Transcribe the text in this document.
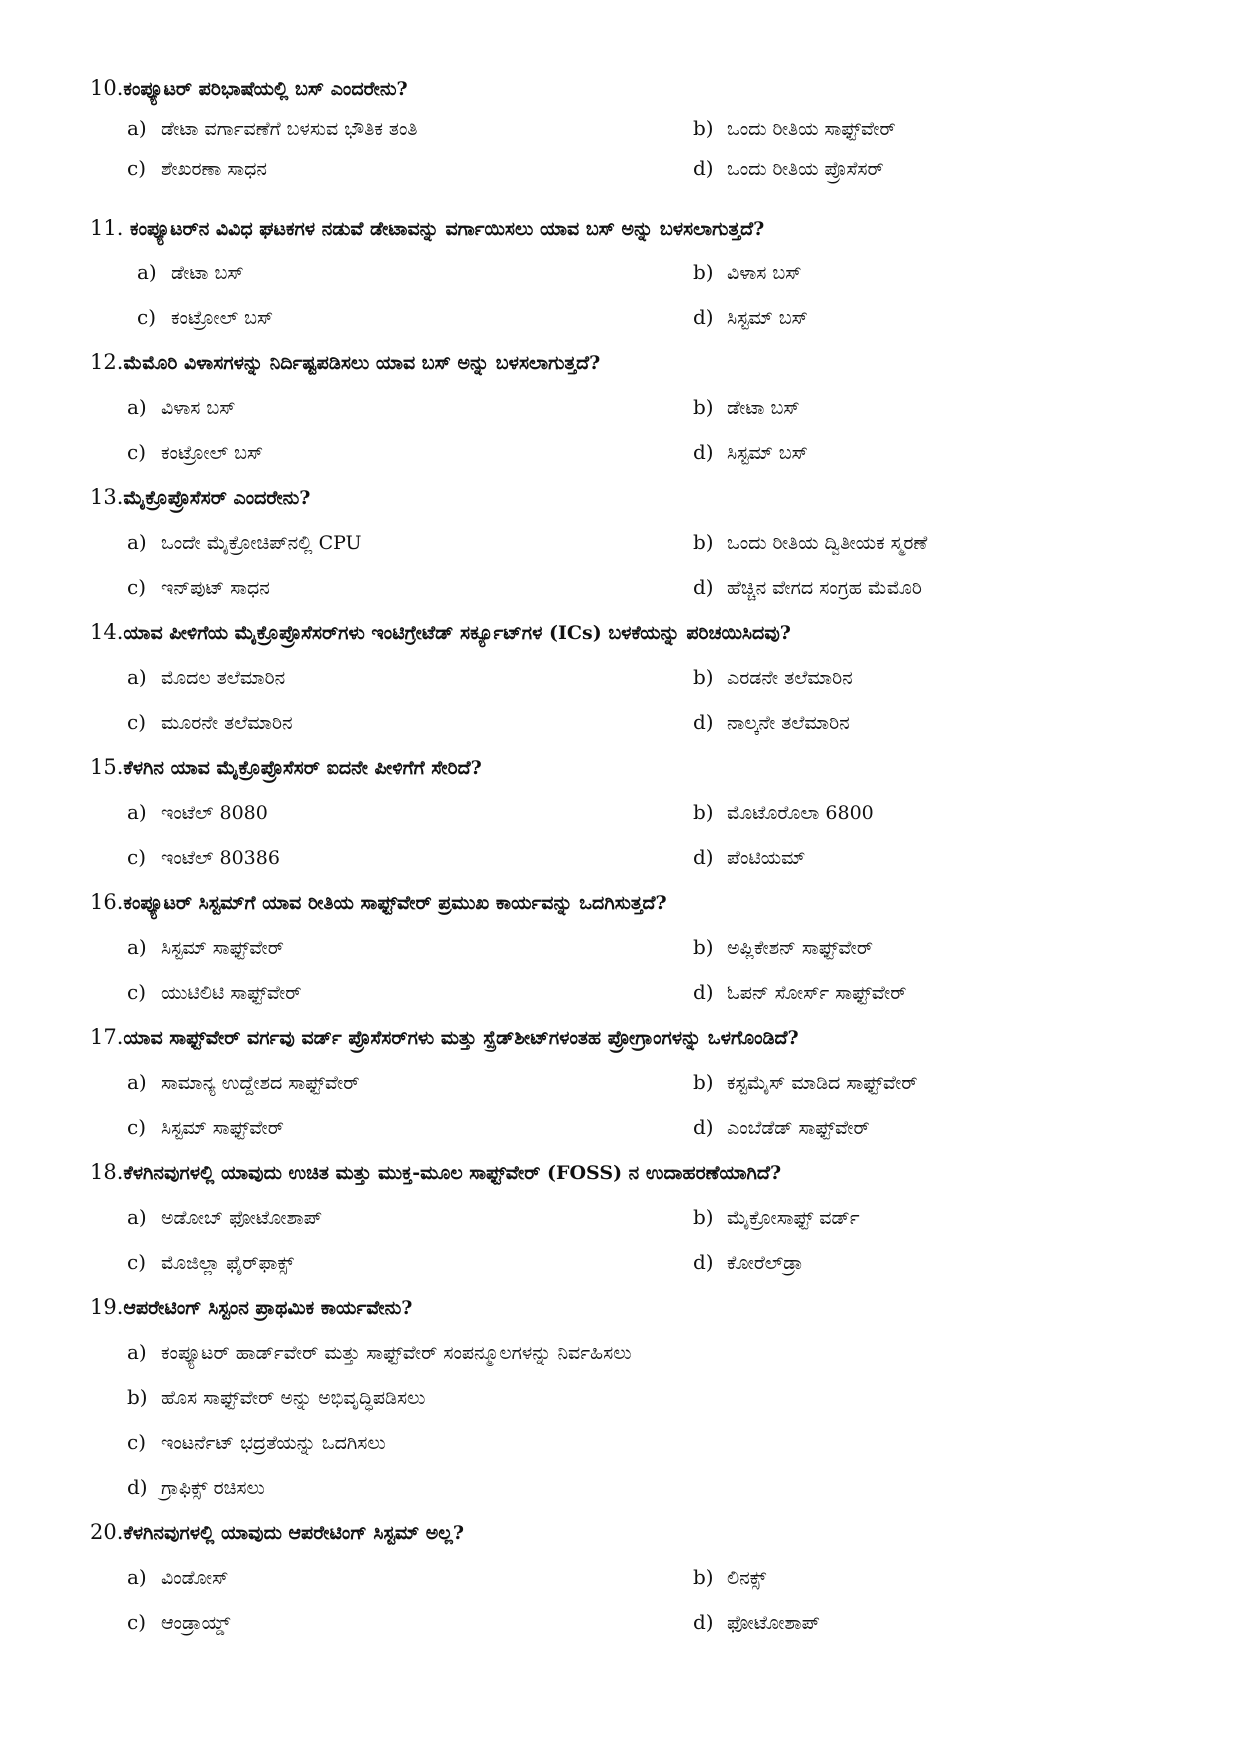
10.ಕಂಪ್ಯೂಟರ್ ಪರಿಭಾಷೆಯಲ್ಲಿ ಬಸ್ ಎಂದರೇನು?
a) ಡೇಟಾ ವರ್ಗಾವಣೆಗೆ ಬಳಸುವ ಭೌತಿಕ ತಂತಿ	b) ಒಂದು ರೀತಿಯ ಸಾಫ್ಟ್‌ವೇರ್
c) ಶೇಖರಣಾ ಸಾಧನ	d) ಒಂದು ರೀತಿಯ ಪ್ರೊಸೆಸರ್
11. ಕಂಪ್ಯೂಟರ್‌ನ ವಿವಿಧ ಘಟಕಗಳ ನಡುವೆ ಡೇಟಾವನ್ನು ವರ್ಗಾಯಿಸಲು ಯಾವ ಬಸ್ ಅನ್ನು ಬಳಸಲಾಗುತ್ತದೆ?
a) ಡೇಟಾ ಬಸ್	b) ವಿಳಾಸ ಬಸ್
c) ಕಂಟ್ರೋಲ್ ಬಸ್	d) ಸಿಸ್ಟಮ್ ಬಸ್
12.ಮೆಮೊರಿ ವಿಳಾಸಗಳನ್ನು ನಿರ್ದಿಷ್ಟಪಡಿಸಲು ಯಾವ ಬಸ್ ಅನ್ನು ಬಳಸಲಾಗುತ್ತದೆ?
a) ವಿಳಾಸ ಬಸ್	b) ಡೇಟಾ ಬಸ್
c) ಕಂಟ್ರೋಲ್ ಬಸ್	d) ಸಿಸ್ಟಮ್ ಬಸ್
13.ಮೈಕ್ರೊಪ್ರೊಸೆಸರ್ ಎಂದರೇನು?
a) ಒಂದೇ ಮೈಕ್ರೋಚಿಪ್‌ನಲ್ಲಿ CPU	b) ಒಂದು ರೀತಿಯ ದ್ವಿತೀಯಕ ಸ್ಮರಣೆ
c) ಇನ್‌ಪುಟ್ ಸಾಧನ	d) ಹೆಚ್ಚಿನ ವೇಗದ ಸಂಗ್ರಹ ಮೆಮೊರಿ
14.ಯಾವ ಪೀಳಿಗೆಯ ಮೈಕ್ರೊಪ್ರೊಸೆಸರ್‌ಗಳು ಇಂಟಿಗ್ರೇಟೆಡ್ ಸರ್ಕ್ಯೂಟ್‌ಗಳ (ICs) ಬಳಕೆಯನ್ನು ಪರಿಚಯಿಸಿದವು?
a) ಮೊದಲ ತಲೆಮಾರಿನ	b) ಎರಡನೇ ತಲೆಮಾರಿನ
c) ಮೂರನೇ ತಲೆಮಾರಿನ	d) ನಾಲ್ಕನೇ ತಲೆಮಾರಿನ
15.ಕೆಳಗಿನ ಯಾವ ಮೈಕ್ರೊಪ್ರೊಸೆಸರ್ ಐದನೇ ಪೀಳಿಗೆಗೆ ಸೇರಿದೆ?
a) ಇಂಟೆಲ್ 8080	b) ಮೊಟೊರೊಲಾ 6800
c) ಇಂಟೆಲ್ 80386	d) ಪೆಂಟಿಯಮ್
16.ಕಂಪ್ಯೂಟರ್ ಸಿಸ್ಟಮ್‌ಗೆ ಯಾವ ರೀತಿಯ ಸಾಫ್ಟ್‌ವೇರ್ ಪ್ರಮುಖ ಕಾರ್ಯವನ್ನು ಒದಗಿಸುತ್ತದೆ?
a) ಸಿಸ್ಟಮ್ ಸಾಫ್ಟ್‌ವೇರ್	b) ಅಪ್ಲಿಕೇಶನ್ ಸಾಫ್ಟ್‌ವೇರ್
c) ಯುಟಿಲಿಟಿ ಸಾಫ್ಟ್‌ವೇರ್	d) ಓಪನ್ ಸೋರ್ಸ್ ಸಾಫ್ಟ್‌ವೇರ್
17.ಯಾವ ಸಾಫ್ಟ್‌ವೇರ್ ವರ್ಗವು ವರ್ಡ್ ಪ್ರೊಸೆಸರ್‌ಗಳು ಮತ್ತು ಸ್ಪ್ರೆಡ್‌ಶೀಟ್‌ಗಳಂತಹ ಪ್ರೋಗ್ರಾಂಗಳನ್ನು ಒಳಗೊಂಡಿದೆ?
a) ಸಾಮಾನ್ಯ ಉದ್ದೇಶದ ಸಾಫ್ಟ್‌ವೇರ್	b) ಕಸ್ಟಮೈಸ್ ಮಾಡಿದ ಸಾಫ್ಟ್‌ವೇರ್
c) ಸಿಸ್ಟಮ್ ಸಾಫ್ಟ್‌ವೇರ್	d) ಎಂಬೆಡೆಡ್ ಸಾಫ್ಟ್‌ವೇರ್
18.ಕೆಳಗಿನವುಗಳಲ್ಲಿ ಯಾವುದು ಉಚಿತ ಮತ್ತು ಮುಕ್ತ-ಮೂಲ ಸಾಫ್ಟ್‌ವೇರ್ (FOSS) ನ ಉದಾಹರಣೆಯಾಗಿದೆ?
a) ಅಡೋಬ್ ಫೋಟೋಶಾಪ್	b) ಮೈಕ್ರೋಸಾಫ್ಟ್ ವರ್ಡ್
c) ಮೊಜಿಲ್ಲಾ ಫೈರ್‌ಫಾಕ್ಸ್	d) ಕೋರೆಲ್‌ಡ್ರಾ
19.ಆಪರೇಟಿಂಗ್ ಸಿಸ್ಟಂನ ಪ್ರಾಥಮಿಕ ಕಾರ್ಯವೇನು?
a) ಕಂಪ್ಯೂಟರ್ ಹಾರ್ಡ್‌ವೇರ್ ಮತ್ತು ಸಾಫ್ಟ್‌ವೇರ್ ಸಂಪನ್ಮೂಲಗಳನ್ನು ನಿರ್ವಹಿಸಲು
b) ಹೊಸ ಸಾಫ್ಟ್‌ವೇರ್ ಅನ್ನು ಅಭಿವೃದ್ಧಿಪಡಿಸಲು
c) ಇಂಟರ್ನೆಟ್ ಭದ್ರತೆಯನ್ನು ಒದಗಿಸಲು
d) ಗ್ರಾಫಿಕ್ಸ್ ರಚಿಸಲು
20.ಕೆಳಗಿನವುಗಳಲ್ಲಿ ಯಾವುದು ಆಪರೇಟಿಂಗ್ ಸಿಸ್ಟಮ್ ಅಲ್ಲ?
a) ವಿಂಡೋಸ್	b) ಲಿನಕ್ಸ್
c) ಆಂಡ್ರಾಯ್ಡ್	d) ಫೋಟೋಶಾಪ್
